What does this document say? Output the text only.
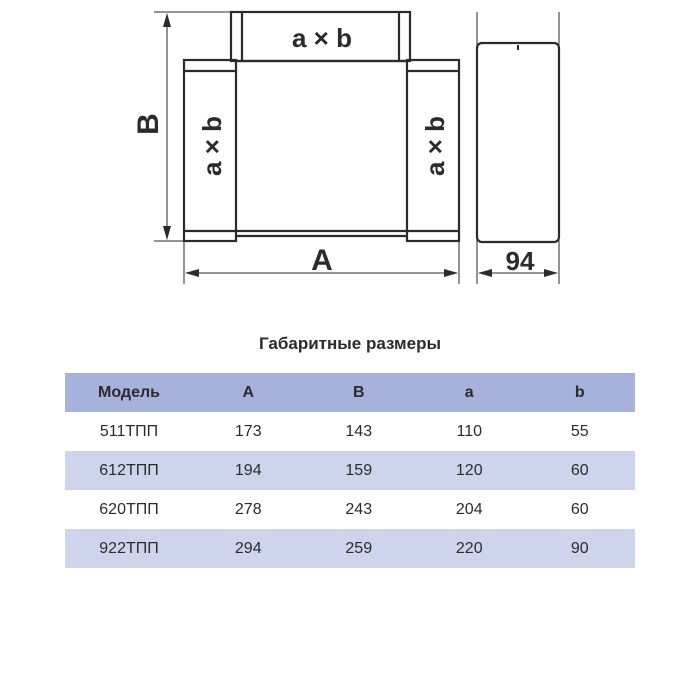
a × b
a × b	a × b
B
A	94
Габаритные размеры
Модель	A	B	a	b
511ТПП	173	143	110	55
612ТПП	194	159	120	60
620ТПП	278	243	204	60
922ТПП	294	259	220	90
